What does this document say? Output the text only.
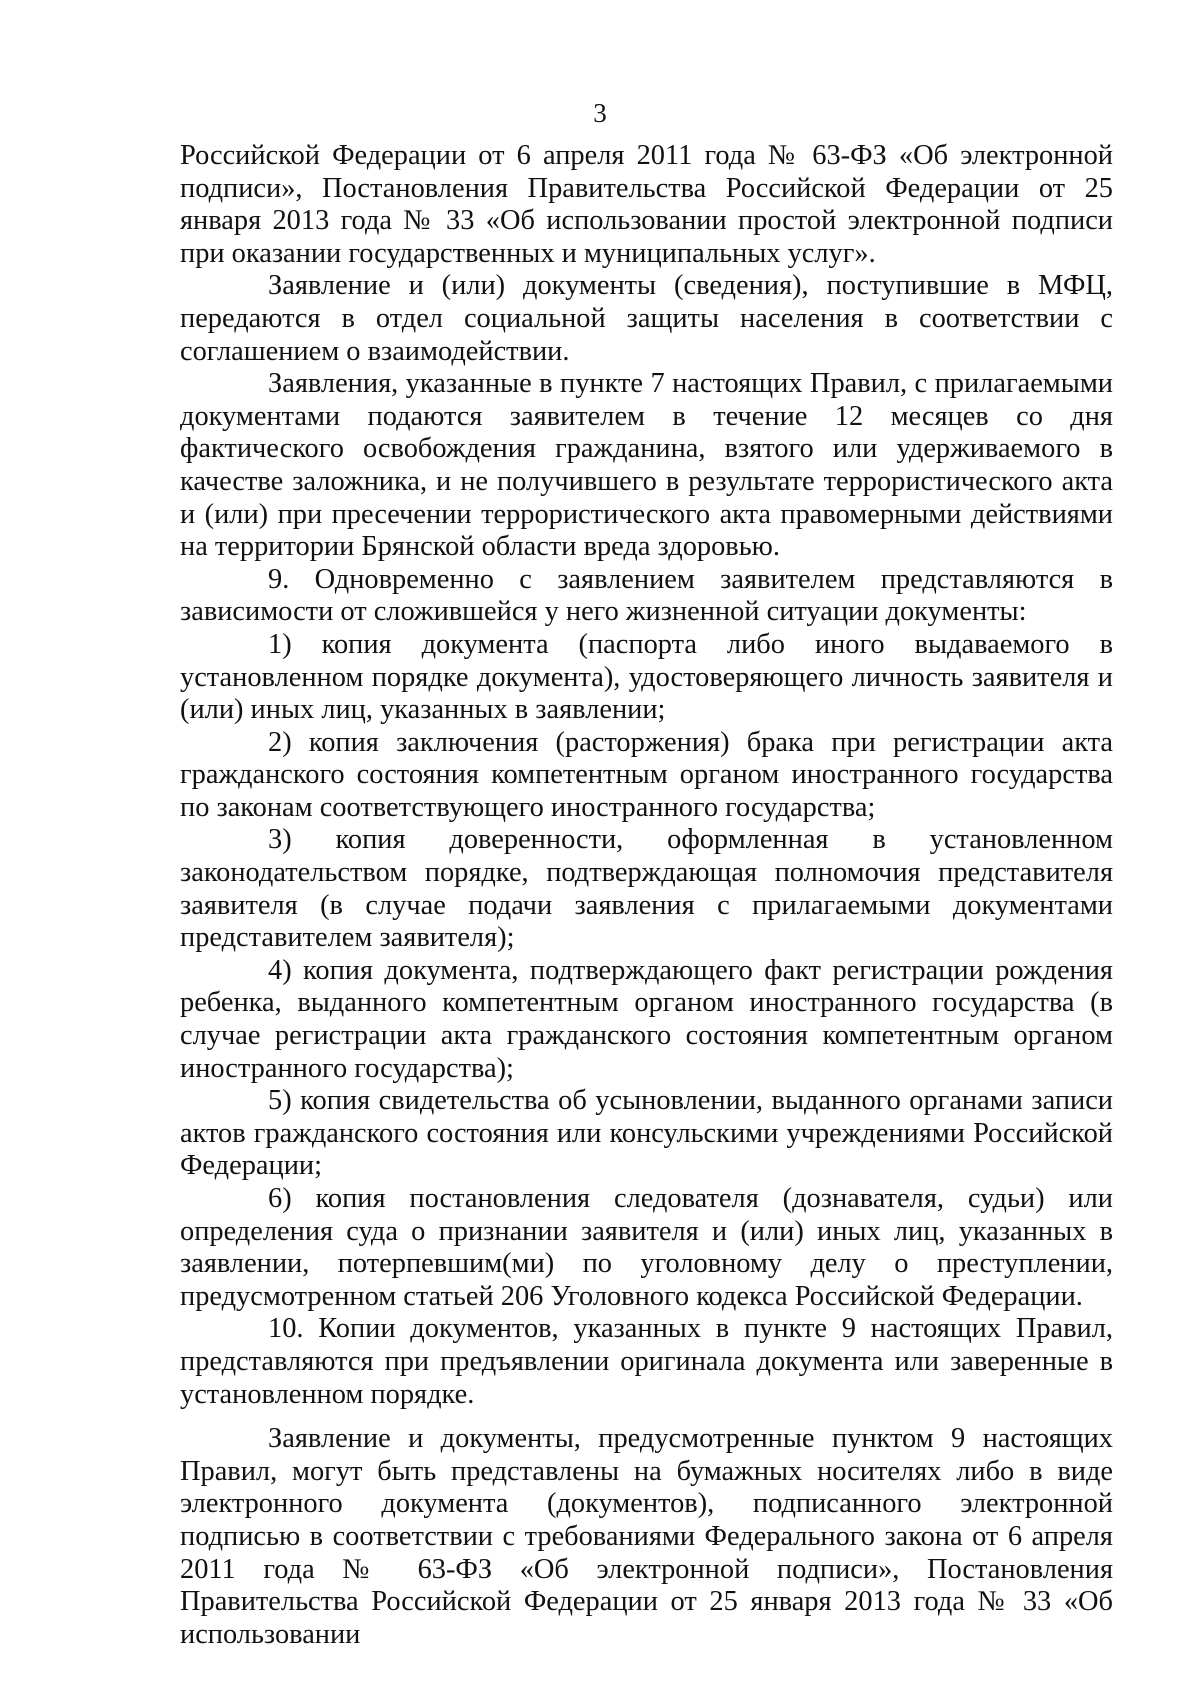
3

Российской Федерации от 6 апреля 2011 года № 63-ФЗ «Об электронной подписи», Постановления Правительства Российской Федерации от 25 января 2013 года № 33 «Об использовании простой электронной подписи при оказании государственных и муниципальных услуг».

Заявление и (или) документы (сведения), поступившие в МФЦ, передаются в отдел социальной защиты населения в соответствии с соглашением о взаимодействии.

Заявления, указанные в пункте 7 настоящих Правил, с прилагаемыми документами подаются заявителем в течение 12 месяцев со дня фактического освобождения гражданина, взятого или удерживаемого в качестве заложника, и не получившего в результате террористического акта и (или) при пресечении террористического акта правомерными действиями на территории Брянской области вреда здоровью.

9. Одновременно с заявлением заявителем представляются в зависимости от сложившейся у него жизненной ситуации документы:

1) копия документа (паспорта либо иного выдаваемого в установленном порядке документа), удостоверяющего личность заявителя и (или) иных лиц, указанных в заявлении;

2) копия заключения (расторжения) брака при регистрации акта гражданского состояния компетентным органом иностранного государства по законам соответствующего иностранного государства;

3) копия доверенности, оформленная в установленном законодательством порядке, подтверждающая полномочия представителя заявителя (в случае подачи заявления с прилагаемыми документами представителем заявителя);

4) копия документа, подтверждающего факт регистрации рождения ребенка, выданного компетентным органом иностранного государства (в случае регистрации акта гражданского состояния компетентным органом иностранного государства);

5) копия свидетельства об усыновлении, выданного органами записи актов гражданского состояния или консульскими учреждениями Российской Федерации;

6) копия постановления следователя (дознавателя, судьи) или определения суда о признании заявителя и (или) иных лиц, указанных в заявлении, потерпевшим(ми) по уголовному делу о преступлении, предусмотренном статьей 206 Уголовного кодекса Российской Федерации.

10. Копии документов, указанных в пункте 9 настоящих Правил, представляются при предъявлении оригинала документа или заверенные в установленном порядке.

Заявление и документы, предусмотренные пунктом 9 настоящих Правил, могут быть представлены на бумажных носителях либо в виде электронного документа (документов), подписанного электронной подписью в соответствии с требованиями Федерального закона от 6 апреля 2011 года № 63-ФЗ «Об электронной подписи», Постановления Правительства Российской Федерации от 25 января 2013 года № 33 «Об использовании
